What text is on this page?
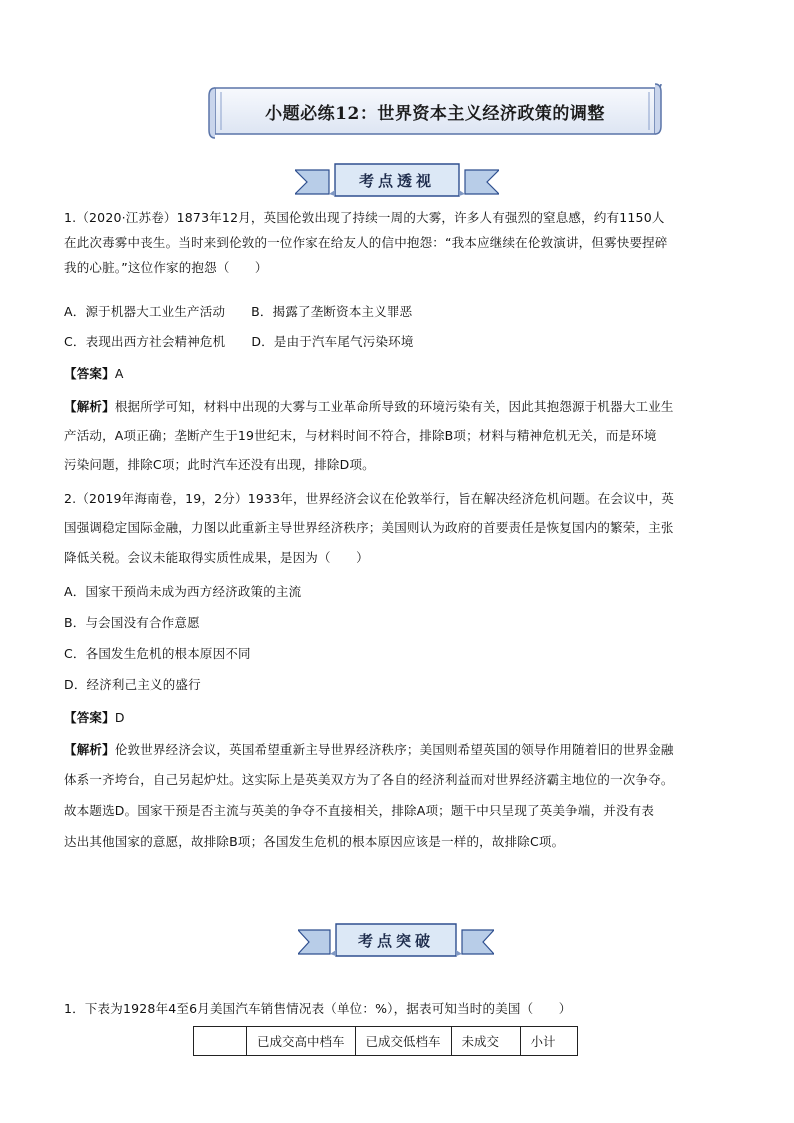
小题必练12：世界资本主义经济政策的调整
考点透视
1.（2020·江苏卷）1873年12月，英国伦敦出现了持续一周的大雾，许多人有强烈的窒息感，约有1150人
在此次毒雾中丧生。当时来到伦敦的一位作家在给友人的信中抱怨：“我本应继续在伦敦演讲，但雾快要捏碎
我的心脏。”这位作家的抱怨（　　）
A．源于机器大工业生产活动 B．揭露了垄断资本主义罪恶
C．表现出西方社会精神危机 D．是由于汽车尾气污染环境
【答案】A
【解析】根据所学可知，材料中出现的大雾与工业革命所导致的环境污染有关，因此其抱怨源于机器大工业生
产活动，A项正确；垄断产生于19世纪末，与材料时间不符合，排除B项；材料与精神危机无关，而是环境
污染问题，排除C项；此时汽车还没有出现，排除D项。
2.（2019年海南卷，19，2分）1933年，世界经济会议在伦敦举行，旨在解决经济危机问题。在会议中，英
国强调稳定国际金融，力图以此重新主导世界经济秩序；美国则认为政府的首要责任是恢复国内的繁荣，主张
降低关税。会议未能取得实质性成果，是因为（　　）
A．国家干预尚未成为西方经济政策的主流
B．与会国没有合作意愿
C．各国发生危机的根本原因不同
D．经济利己主义的盛行
【答案】D
【解析】伦敦世界经济会议，英国希望重新主导世界经济秩序；美国则希望英国的领导作用随着旧的世界金融
体系一齐垮台，自己另起炉灶。这实际上是英美双方为了各自的经济利益而对世界经济霸主地位的一次争夺。
故本题选D。国家干预是否主流与英美的争夺不直接相关，排除A项；题干中只呈现了英美争端，并没有表
达出其他国家的意愿，故排除B项；各国发生危机的根本原因应该是一样的，故排除C项。
考点突破
1．下表为1928年4至6月美国汽车销售情况表（单位：%），据表可知当时的美国（　　）
	已成交高中档车	已成交低档车	未成交	小计
